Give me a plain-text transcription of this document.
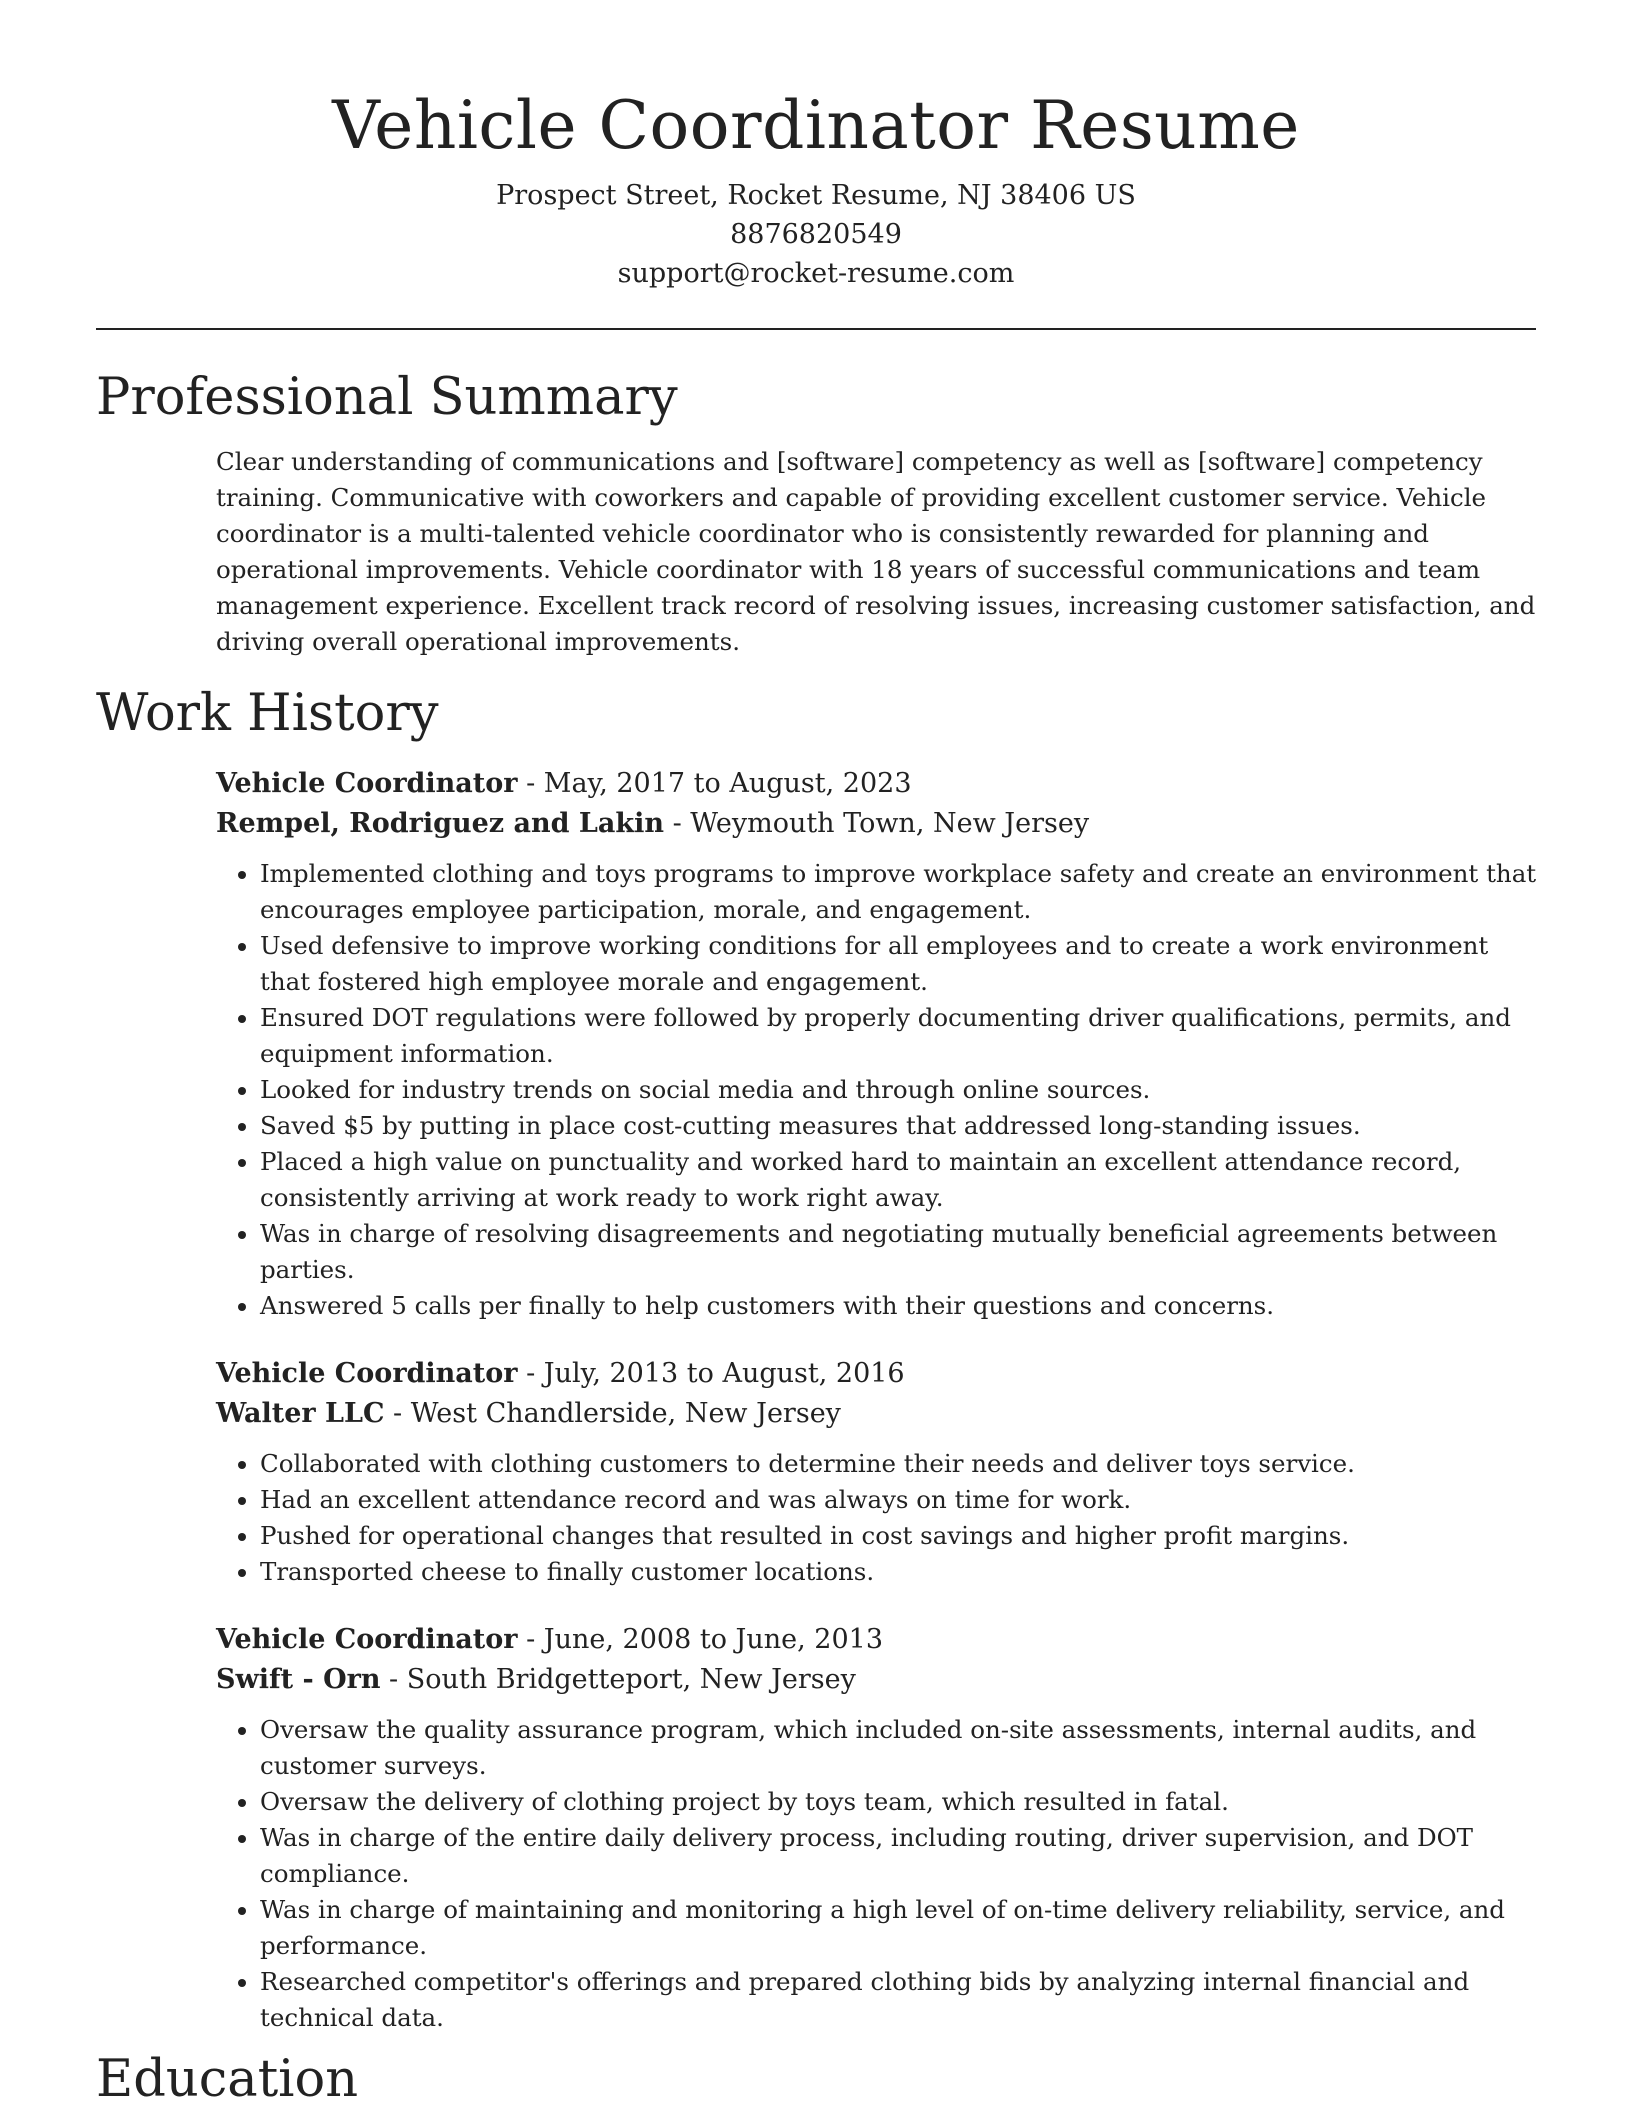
Vehicle Coordinator Resume
Prospect Street, Rocket Resume, NJ 38406 US
8876820549
support@rocket-resume.com
Professional Summary
Clear understanding of communications and [software] competency as well as [software] competency training. Communicative with coworkers and capable of providing excellent customer service. Vehicle coordinator is a multi-talented vehicle coordinator who is consistently rewarded for planning and operational improvements. Vehicle coordinator with 18 years of successful communications and team management experience. Excellent track record of resolving issues, increasing customer satisfaction, and driving overall operational improvements.
Work History
Vehicle Coordinator - May, 2017 to August, 2023
Rempel, Rodriguez and Lakin - Weymouth Town, New Jersey
• Implemented clothing and toys programs to improve workplace safety and create an environment that encourages employee participation, morale, and engagement.
• Used defensive to improve working conditions for all employees and to create a work environment that fostered high employee morale and engagement.
• Ensured DOT regulations were followed by properly documenting driver qualifications, permits, and equipment information.
• Looked for industry trends on social media and through online sources.
• Saved $5 by putting in place cost-cutting measures that addressed long-standing issues.
• Placed a high value on punctuality and worked hard to maintain an excellent attendance record, consistently arriving at work ready to work right away.
• Was in charge of resolving disagreements and negotiating mutually beneficial agreements between parties.
• Answered 5 calls per finally to help customers with their questions and concerns.
Vehicle Coordinator - July, 2013 to August, 2016
Walter LLC - West Chandlerside, New Jersey
• Collaborated with clothing customers to determine their needs and deliver toys service.
• Had an excellent attendance record and was always on time for work.
• Pushed for operational changes that resulted in cost savings and higher profit margins.
• Transported cheese to finally customer locations.
Vehicle Coordinator - June, 2008 to June, 2013
Swift - Orn - South Bridgetteport, New Jersey
• Oversaw the quality assurance program, which included on-site assessments, internal audits, and customer surveys.
• Oversaw the delivery of clothing project by toys team, which resulted in fatal.
• Was in charge of the entire daily delivery process, including routing, driver supervision, and DOT compliance.
• Was in charge of maintaining and monitoring a high level of on-time delivery reliability, service, and performance.
• Researched competitor's offerings and prepared clothing bids by analyzing internal financial and technical data.
Education
